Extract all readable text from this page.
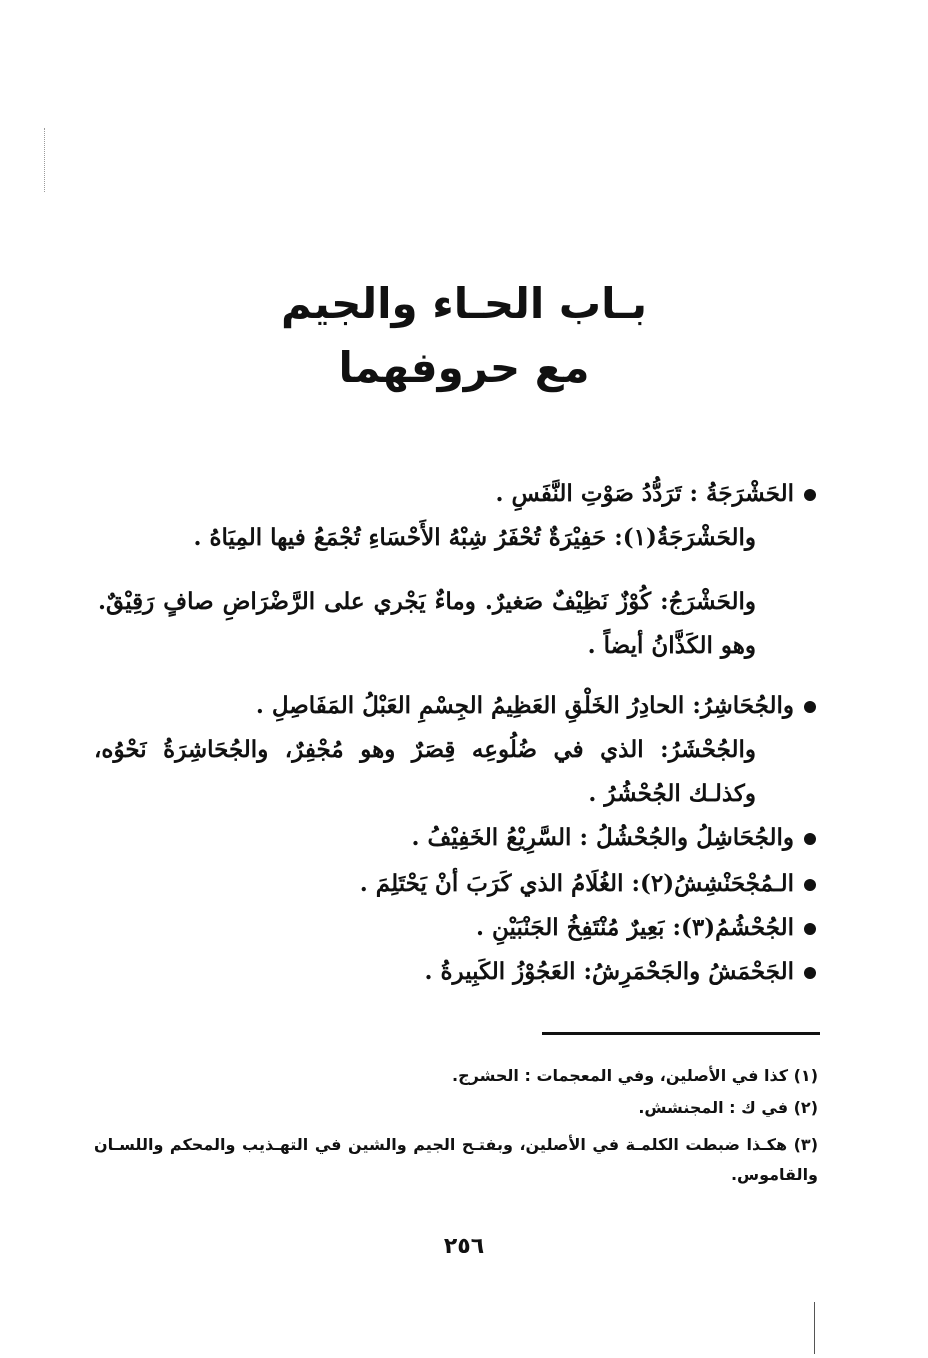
بـاب الحـاء والجيم
مع حروفهما
الحَشْرَجَةُ : تَرَدُّدُ صَوْتِ النَّفَسِ .
والحَشْرَجَةُ(١): حَفِيْرَةٌ تُحْفَرُ شِبْهُ الأَحْسَاءِ تُجْمَعُ فيها المِيَاهُ .
والحَشْرَجُ: كُوْزٌ نَظِيْفٌ صَغيرٌ. وماءٌ يَجْري على الرَّضْرَاضِ صافٍ رَقِيْقٌ. وهو الكَذَّانُ أيضاً .
والجُحَاشِرُ: الحادِرُ الخَلْقِ العَظِيمُ الجِسْمِ العَبْلُ المَفَاصِلِ .
والجُحْشَرُ: الذي في ضُلُوعِه قِصَرٌ وهو مُجْفِرٌ، والجُحَاشِرَةُ نَحْوُه، وكذلـك الجُحْشُرُ .
والجُحَاشِلُ والجُحْشُلُ : السَّرِيْعُ الخَفِيْفُ .
الـمُجْحَنْشِشُ(٢): الغُلَامُ الذي كَرَبَ أنْ يَحْتَلِمَ .
الجُحْشُمُ(٣): بَعِيرٌ مُنْتَفِخُ الجَنْبَيْنِ .
الجَحْمَشُ والجَحْمَرِشُ: العَجُوْزُ الكَبِيرةُ .
(١) كذا في الأصلين، وفي المعجمات : الحشرج.
(٢) في ك : المجنشش.
(٣) هكـذا ضبطت الكلمـة في الأصلين، وبفتـح الجيم والشين في التهـذيب والمحكم واللسـان والقاموس.
٢٥٦
